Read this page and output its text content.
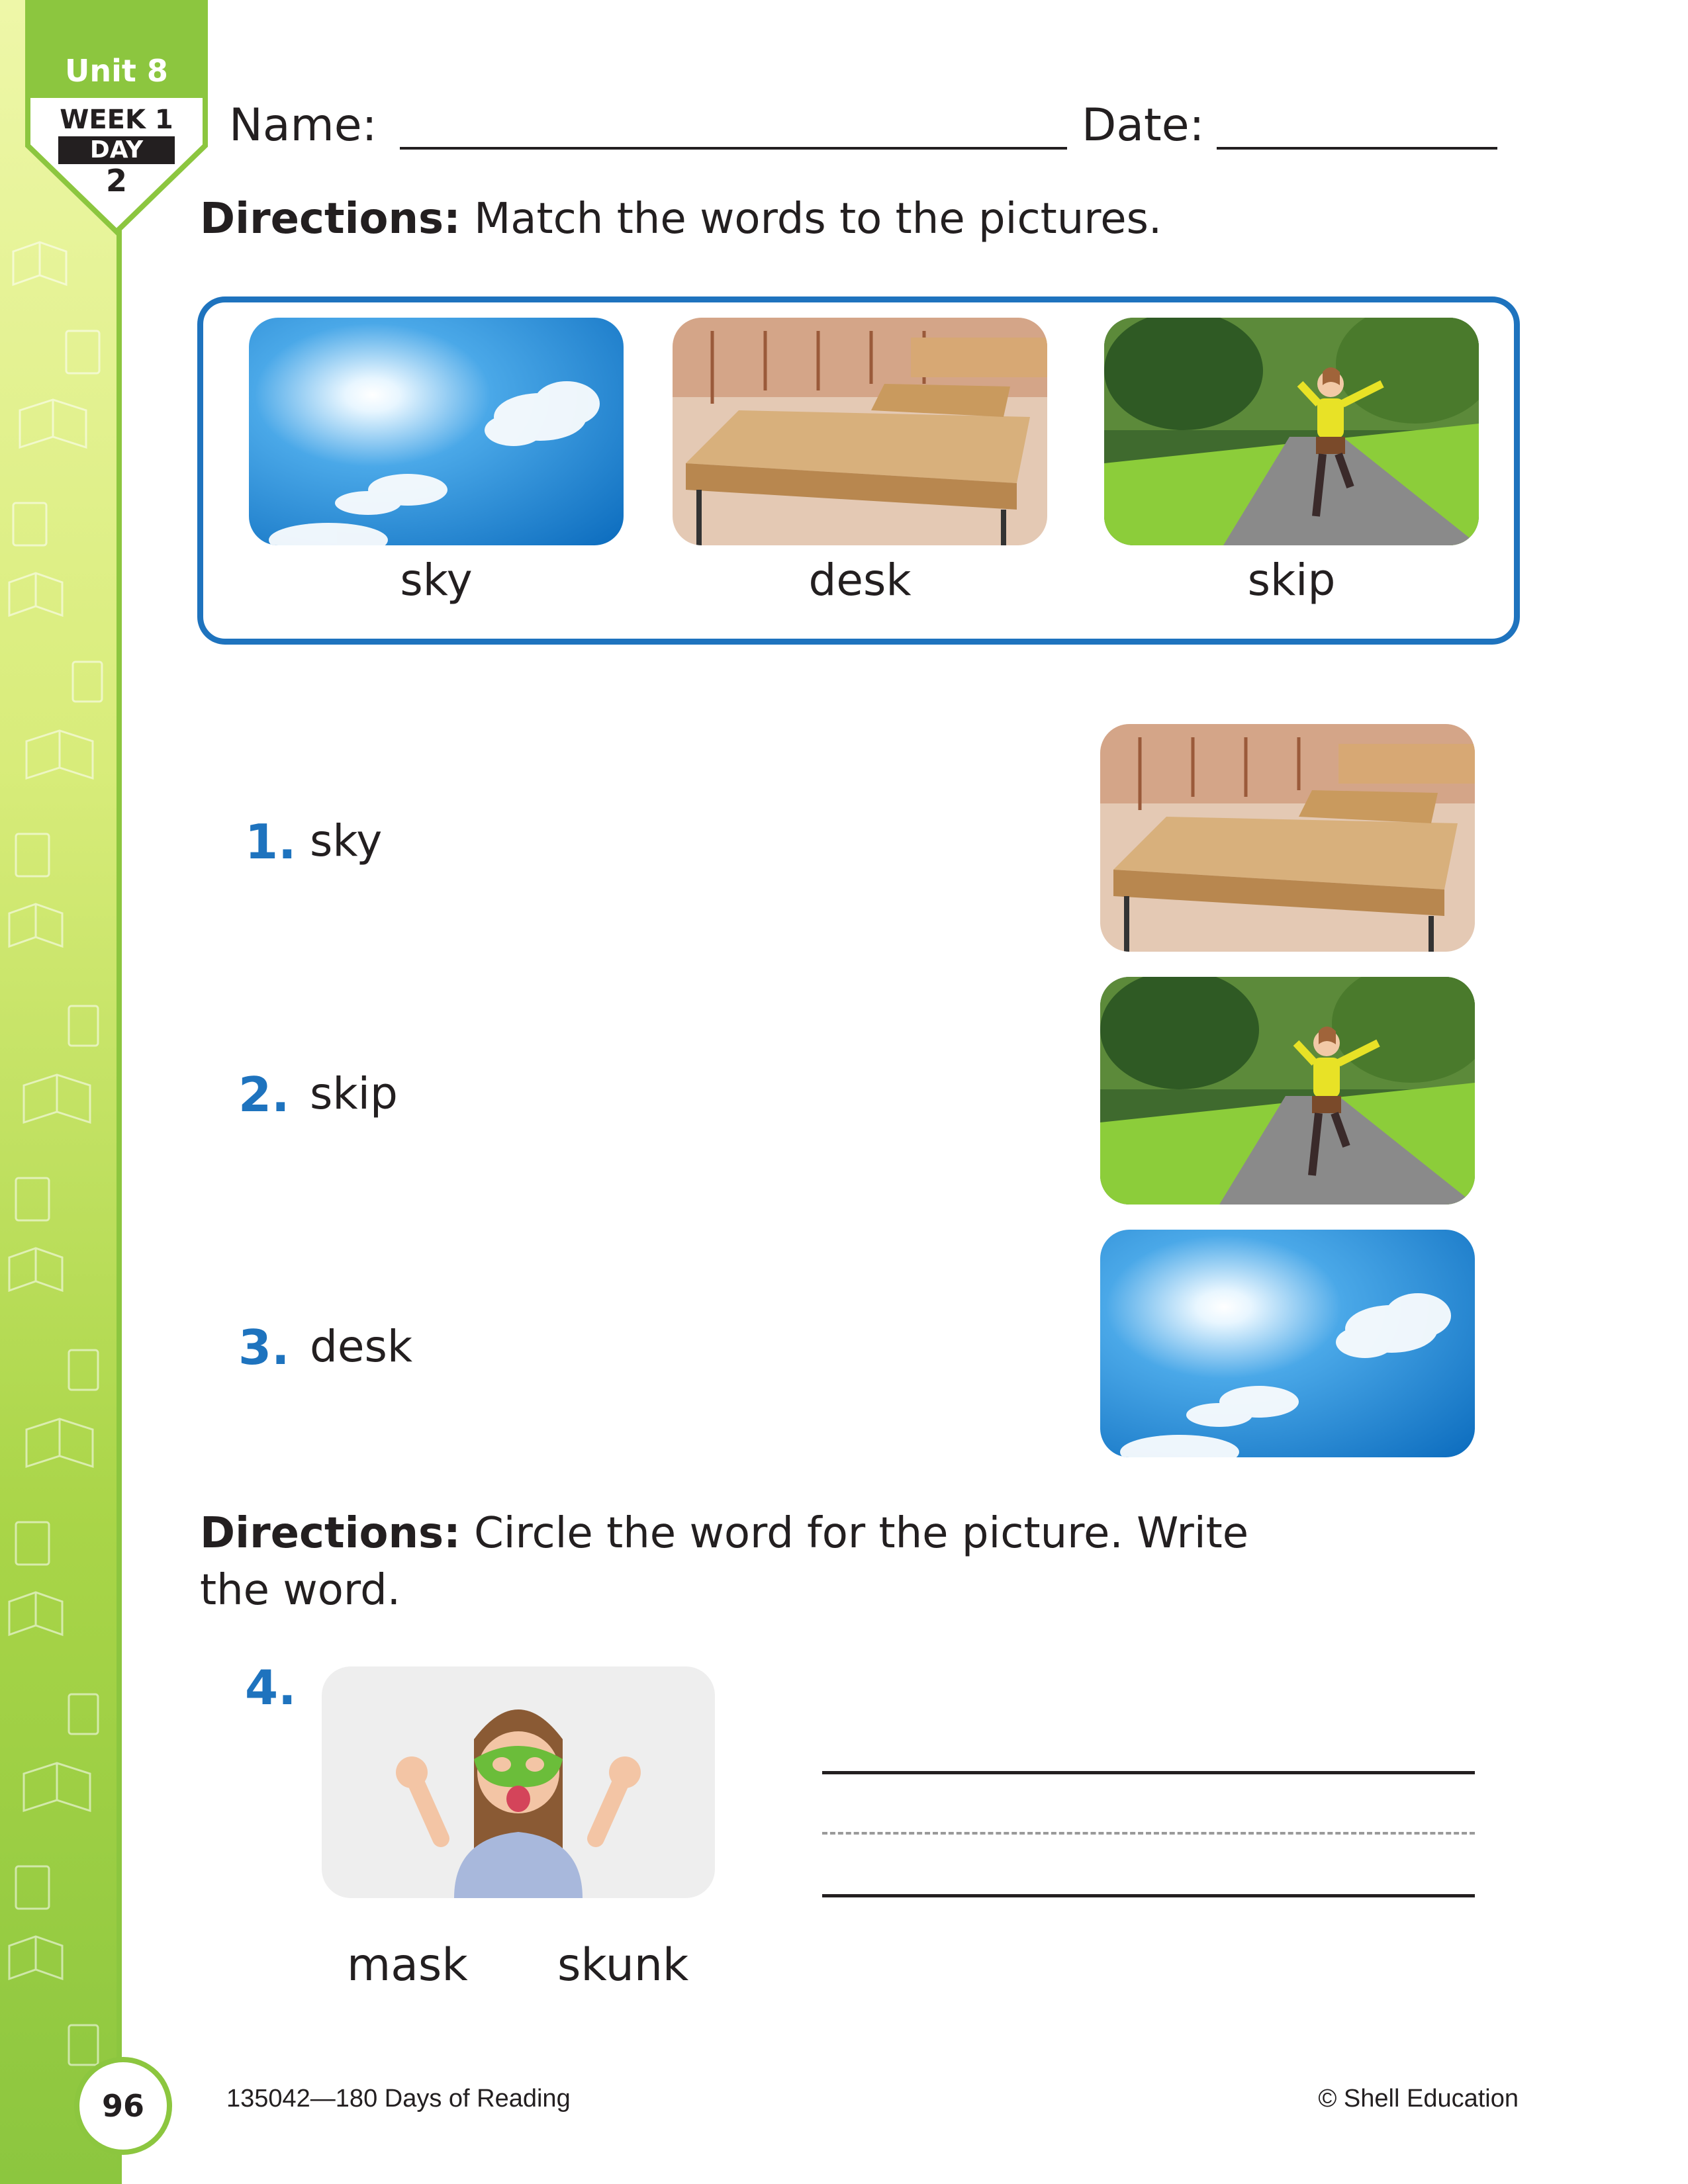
Unit 8
WEEK 1
DAY
2
Name:	Date:
Directions: Match the words to the pictures.
sky	desk	skip
1. sky
2. skip
3. desk
Directions: Circle the word for the picture. Write
the word.
4.
mask skunk
96	135042—180 Days of Reading	© Shell Education
